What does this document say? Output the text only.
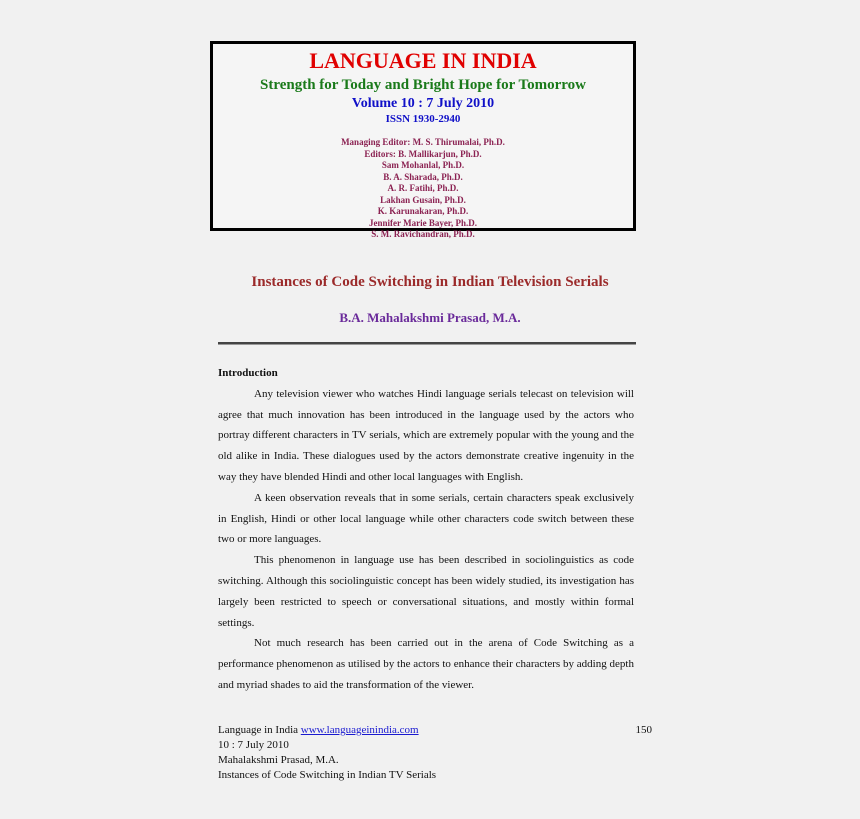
LANGUAGE IN INDIA
Strength for Today and Bright Hope for Tomorrow
Volume 10 : 7 July 2010
ISSN 1930-2940
Managing Editor: M. S. Thirumalai, Ph.D.
Editors: B. Mallikarjun, Ph.D.
Sam Mohanlal, Ph.D.
B. A. Sharada, Ph.D.
A. R. Fatihi, Ph.D.
Lakhan Gusain, Ph.D.
K. Karunakaran, Ph.D.
Jennifer Marie Bayer, Ph.D.
S. M. Ravichandran, Ph.D.
Instances of Code Switching in Indian Television Serials
B.A. Mahalakshmi Prasad, M.A.

Introduction

Any television viewer who watches Hindi language serials telecast on television will agree that much innovation has been introduced in the language used by the actors who portray different characters in TV serials, which are extremely popular with the young and the old alike in India. These dialogues used by the actors demonstrate creative ingenuity in the way they have blended Hindi and other local languages with English.

A keen observation reveals that in some serials, certain characters speak exclusively in English, Hindi or other local language while other characters code switch between these two or more languages.

This phenomenon in language use has been described in sociolinguistics as code switching. Although this sociolinguistic concept has been widely studied, its investigation has largely been restricted to speech or conversational situations, and mostly within formal settings.

Not much research has been carried out in the arena of Code Switching as a performance phenomenon as utilised by the actors to enhance their characters by adding depth and myriad shades to aid the transformation of the viewer.

Language in India www.languageinindia.com	150
10 : 7 July 2010
Mahalakshmi Prasad, M.A.
Instances of Code Switching in Indian TV Serials
